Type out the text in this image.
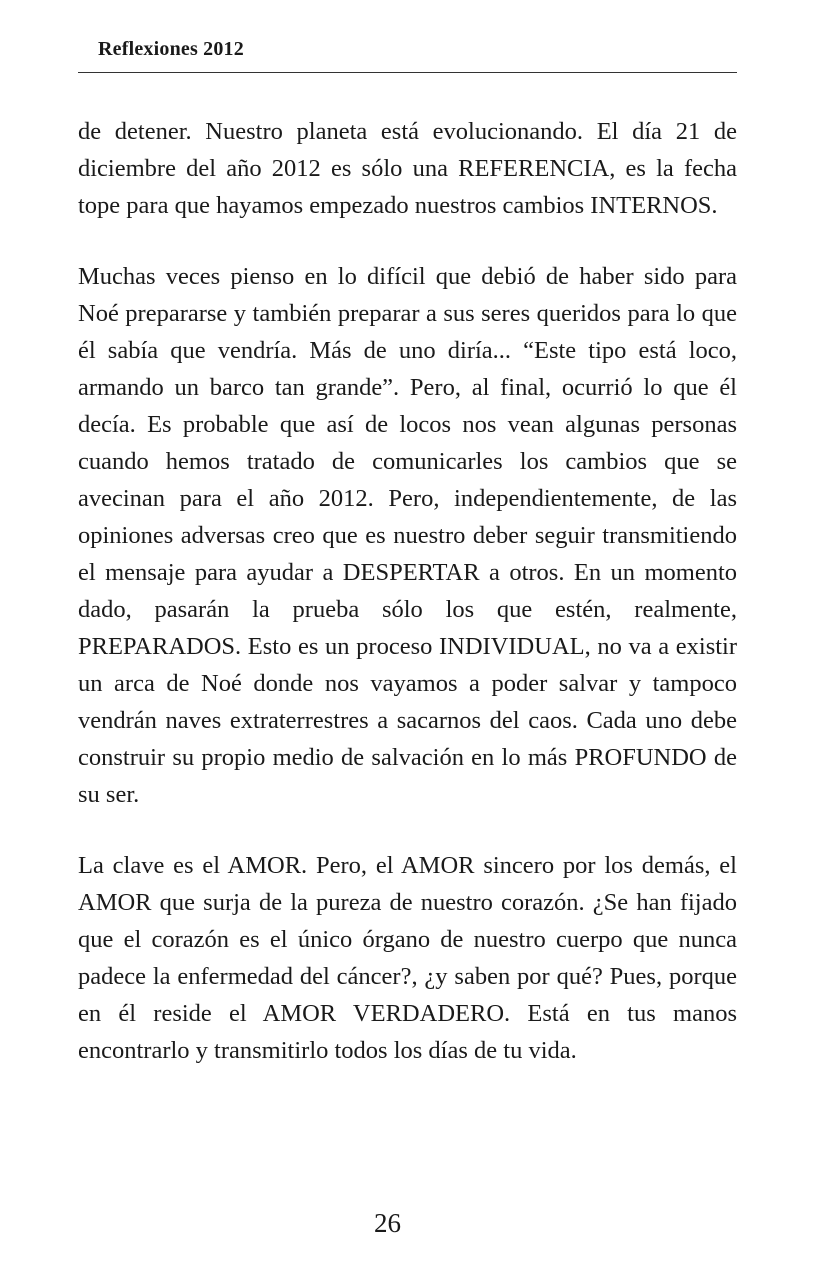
Reflexiones 2012

de detener. Nuestro planeta está evolucionando. El día 21 de diciembre del año 2012 es sólo una REFERENCIA, es la fecha tope para que hayamos empezado nuestros cambios INTERNOS.

Muchas veces pienso en lo difícil que debió de haber sido para Noé prepararse y también preparar a sus seres queridos para lo que él sabía que vendría. Más de uno diría... “Este tipo está loco, armando un barco tan grande”. Pero, al final, ocurrió lo que él decía. Es probable que así de locos nos vean algunas personas cuando hemos tratado de comunicarles los cambios que se avecinan para el año 2012. Pero, independientemente, de las opiniones adversas creo que es nuestro deber seguir transmitiendo el mensaje para ayudar a DESPERTAR a otros. En un momento dado, pasarán la prueba sólo los que estén, realmente, PREPARADOS. Esto es un proceso INDIVIDUAL, no va a existir un arca de Noé donde nos vayamos a poder salvar y tampoco vendrán naves extraterrestres a sacarnos del caos. Cada uno debe construir su propio medio de salvación en lo más PROFUNDO de su ser.

La clave es el AMOR. Pero, el AMOR sincero por los demás, el AMOR que surja de la pureza de nuestro corazón. ¿Se han fijado que el corazón es el único órgano de nuestro cuerpo que nunca padece la enfermedad del cáncer?, ¿y saben por qué? Pues, porque en él reside el AMOR VERDADERO. Está en tus manos encontrarlo y transmitirlo todos los días de tu vida.

26
